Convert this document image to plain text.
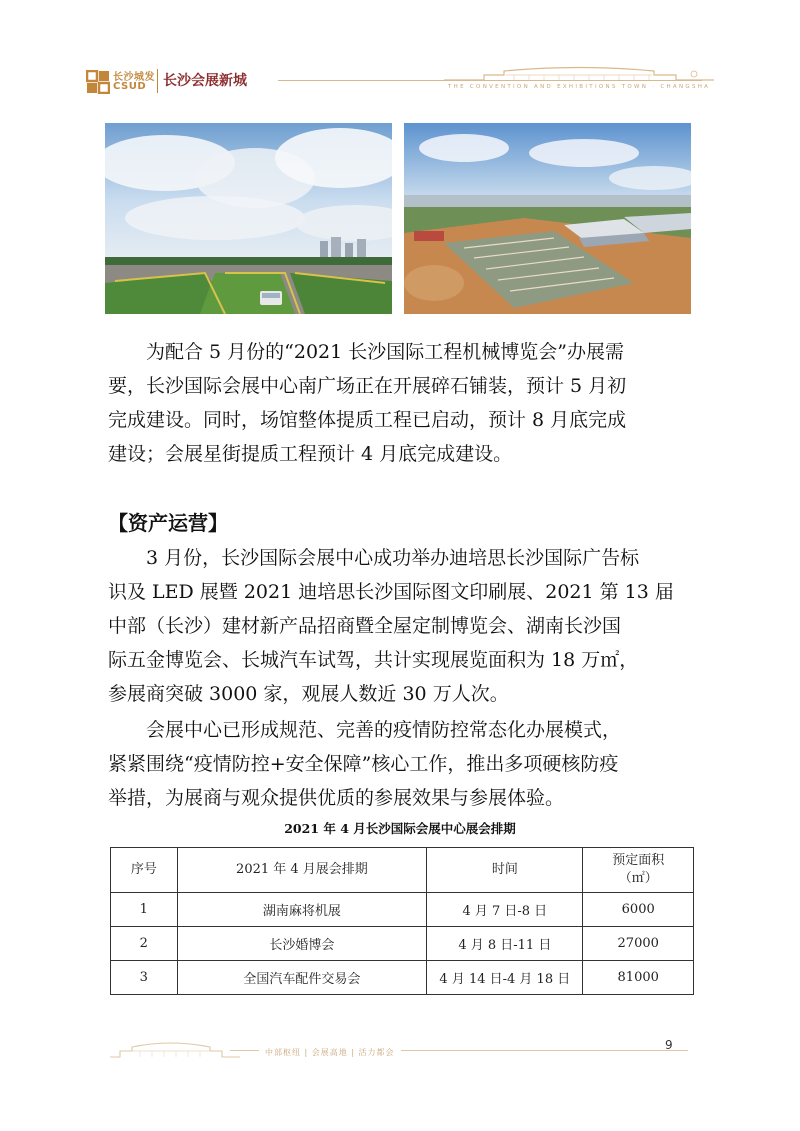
长沙城发
CSUD 长沙会展新城	THE CONVENTION AND EXHIBITIONS TOWN · CHANGSHA

为配合 5 月份的“2021 长沙国际工程机械博览会”办展需
要，长沙国际会展中心南广场正在开展碎石铺装，预计 5 月初
完成建设。同时，场馆整体提质工程已启动，预计 8 月底完成
建设；会展星街提质工程预计 4 月底完成建设。

【资产运营】

3 月份，长沙国际会展中心成功举办迪培思长沙国际广告标
识及 LED 展暨 2021 迪培思长沙国际图文印刷展、2021 第 13 届
中部（长沙）建材新产品招商暨全屋定制博览会、湖南长沙国
际五金博览会、长城汽车试驾，共计实现展览面积为 18 万㎡，
参展商突破 3000 家，观展人数近 30 万人次。

会展中心已形成规范、完善的疫情防控常态化办展模式，
紧紧围绕“疫情防控+安全保障”核心工作，推出多项硬核防疫
举措，为展商与观众提供优质的参展效果与参展体验。

2021 年 4 月长沙国际会展中心展会排期

序号	2021 年 4 月展会排期	时间	预定面积
（㎡）
1	湖南麻将机展	4 月 7 日-8 日	6000
2	长沙婚博会	4 月 8 日-11 日	27000
3	全国汽车配件交易会	4 月 14 日-4 月 18 日	81000
中部枢纽 | 会展高地 | 活力都会
9
